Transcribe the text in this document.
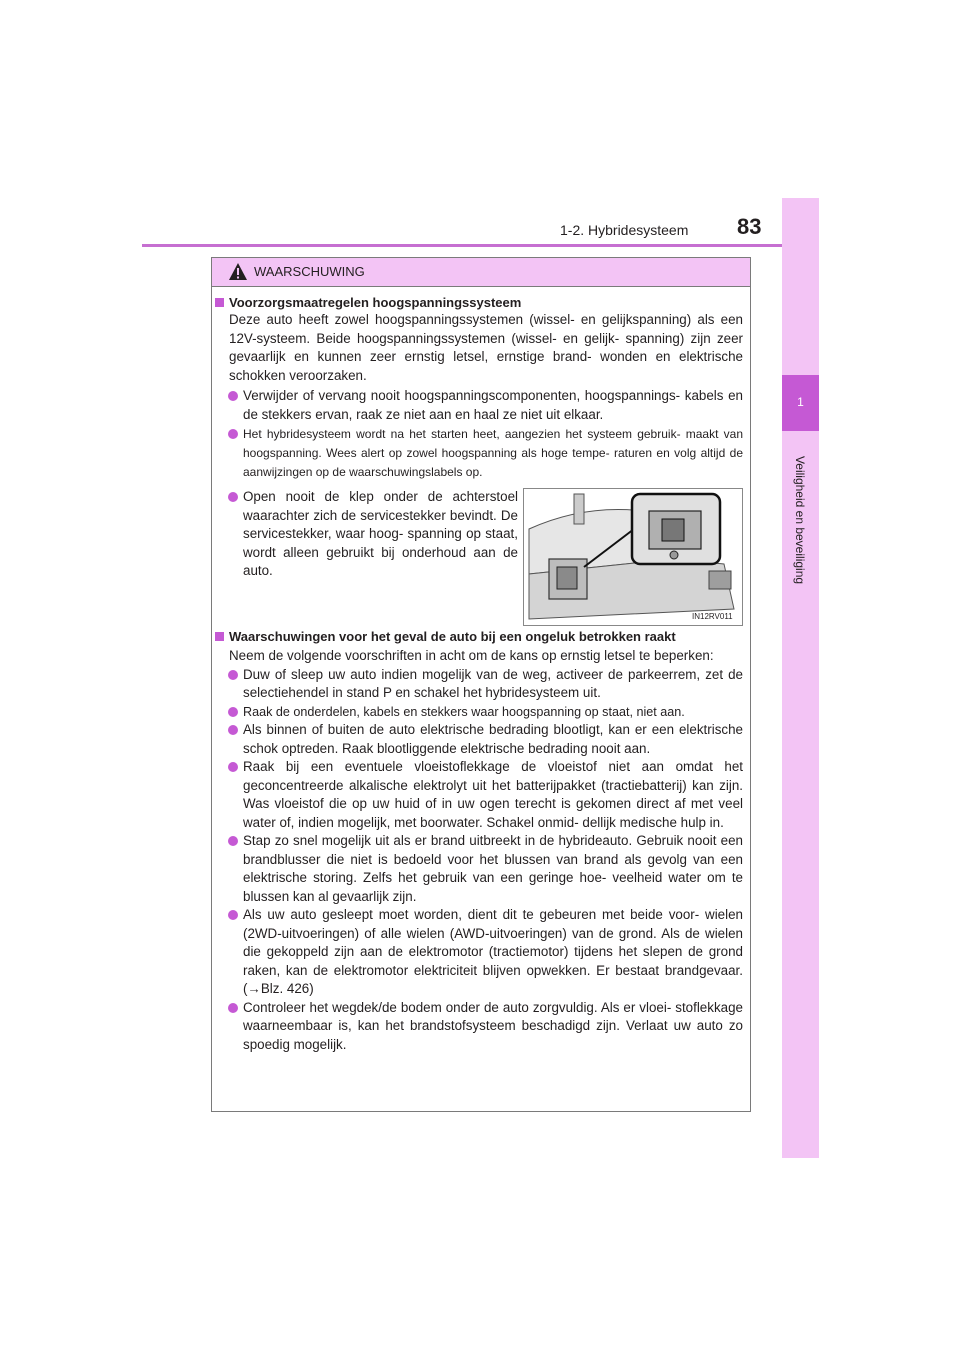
1-2. Hybridesysteem 83
1
Veiligheid en beveiliging
WAARSCHUWING

Voorzorgsmaatregelen hoogspanningssysteem

Deze auto heeft zowel hoogspanningssystemen (wissel- en gelijkspanning) als een 12V-systeem. Beide hoogspanningssystemen (wissel- en gelijk- spanning) zijn zeer gevaarlijk en kunnen zeer ernstig letsel, ernstige brand- wonden en elektrische schokken veroorzaken.

Verwijder of vervang nooit hoogspanningscomponenten, hoogspannings- kabels en de stekkers ervan, raak ze niet aan en haal ze niet uit elkaar.

Het hybridesysteem wordt na het starten heet, aangezien het systeem gebruik- maakt van hoogspanning. Wees alert op zowel hoogspanning als hoge tempe- raturen en volg altijd de aanwijzingen op de waarschuwingslabels op.

Open nooit de klep onder de achterstoel waarachter zich de servicestekker bevindt. De servicestekker, waar hoog- spanning op staat, wordt alleen gebruikt bij onderhoud aan de auto.

IN12RV011

Waarschuwingen voor het geval de auto bij een ongeluk betrokken raakt

Neem de volgende voorschriften in acht om de kans op ernstig letsel te beperken:

Duw of sleep uw auto indien mogelijk van de weg, activeer de parkeerrem, zet de selectiehendel in stand P en schakel het hybridesysteem uit.

Raak de onderdelen, kabels en stekkers waar hoogspanning op staat, niet aan.

Als binnen of buiten de auto elektrische bedrading blootligt, kan er een elektrische schok optreden. Raak blootliggende elektrische bedrading nooit aan.

Raak bij een eventuele vloeistoflekkage de vloeistof niet aan omdat het geconcentreerde alkalische elektrolyt uit het batterijpakket (tractiebatterij) kan zijn. Was vloeistof die op uw huid of in uw ogen terecht is gekomen direct af met veel water of, indien mogelijk, met boorwater. Schakel onmid- dellijk medische hulp in.

Stap zo snel mogelijk uit als er brand uitbreekt in de hybrideauto. Gebruik nooit een brandblusser die niet is bedoeld voor het blussen van brand als gevolg van een elektrische storing. Zelfs het gebruik van een geringe hoe- veelheid water om te blussen kan al gevaarlijk zijn.

Als uw auto gesleept moet worden, dient dit te gebeuren met beide voor- wielen (2WD-uitvoeringen) of alle wielen (AWD-uitvoeringen) van de grond. Als de wielen die gekoppeld zijn aan de elektromotor (tractiemotor) tijdens het slepen de grond raken, kan de elektromotor elektriciteit blijven opwekken. Er bestaat brandgevaar. (→Blz. 426)

Controleer het wegdek/de bodem onder de auto zorgvuldig. Als er vloei- stoflekkage waarneembaar is, kan het brandstofsysteem beschadigd zijn. Verlaat uw auto zo spoedig mogelijk.
